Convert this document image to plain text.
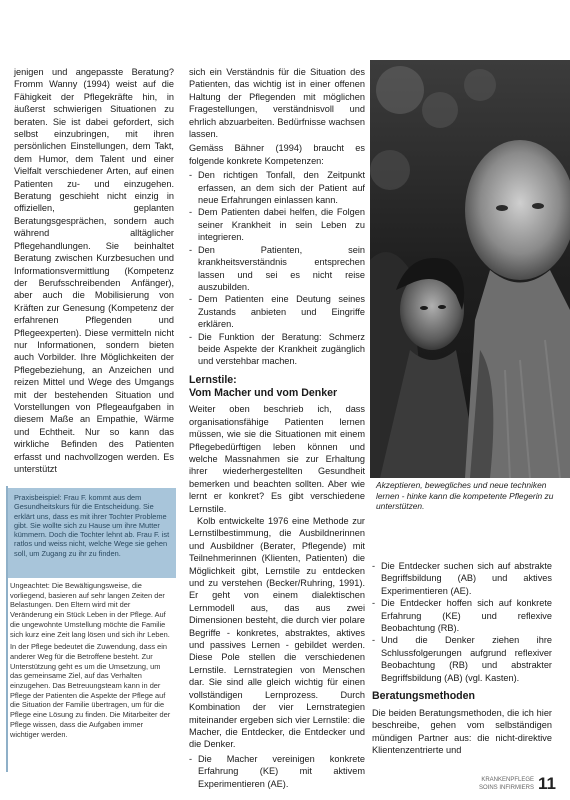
jenigen und angepasste Beratung? Fromm Wanny (1994) weist auf die Fähigkeit der Pflegekräfte hin, in äußerst schwierigen Situationen zu beraten. Sie ist dabei gefordert, sich selbst einzubringen, mit ihren persönlichen Einstellungen, dem Takt, dem Humor, dem Talent und einer Vielfalt verschiedener Arten, auf einen Patienten zu- und einzugehen. Beratung geschieht nicht einzig in offiziellen, geplanten Beratungsgesprächen, sondern auch während alltäglicher Pflegehandlungen. Sie beinhaltet Beratung zwischen Kurzbesuchen und Informationsvermittlung (Kompetenz der Berufsschreibenden Anfänger), aber auch die Mobilisierung von Kräften zur Genesung (Kompetenz der erfahrenen Pflegenden und Pflegeexperten). Diese vermitteln nicht nur Informationen, sondern bieten auch Vorbilder. Ihre Möglichkeiten der Pflegebeziehung, an Anzeichen und reizen Mittel und Wege des Umgangs mit der bestehenden Situation und Vorstellungen von Pflegeaufgaben in diesem Maße an Empathie, Wärme und Echtheit. Nur so kann das wirkliche Befinden des Patienten erfasst und nachvollzogen werden. Es unterstützt

sich ein Verständnis für die Situation des Patienten, das wichtig ist in einer offenen Haltung der Pflegenden mit möglichen Fragestellungen, verständnisvoll und ehrlich abzuarbeiten. Bedürfnisse wachsen lassen.

Gemäss Bähner (1994) braucht es folgende konkrete Kompetenzen:

- Den richtigen Tonfall, den Zeitpunkt erfassen, an dem sich der Patient auf neue Erfahrungen einlassen kann.
- Dem Patienten dabei helfen, die Folgen seiner Krankheit in sein Leben zu integrieren.
- Den Patienten, sein krankheitsverständnis entsprechen lassen und sei es nicht reise auszubilden.
- Dem Patienten eine Deutung seines Zustands anbieten und Eingriffe erklären.
- Die Funktion der Beratung: Schmerz beide Aspekte der Krankheit zugänglich und verstehbar machen.
Lernstile:
Vom Macher und vom Denker

Weiter oben beschrieb ich, dass organisationsfähige Patienten lernen müssen, wie sie die Situationen mit einem Pflegebedürftigen leben können und welche Massnahmen sie zur Erhaltung ihrer wiederhergestellten Gesundheit bemerken und beachten sollten. Aber wie lernt er konkret? Es gibt verschiedene Lernstile.

Kolb entwickelte 1976 eine Methode zur Lernstilbestimmung, die Ausbildnerinnen und Ausbildner (Berater, Pflegende) mit Teilnehmerinnen (Klienten, Patienten) die Möglichkeit gibt, Lernstile zu entdecken und zu verstehen (Becker/Ruhring, 1991). Er geht von einem dialektischen Lernmodell aus, das aus zwei Dimensionen besteht, die durch vier polare Begriffe - konkretes, abstraktes, aktives und passives Lernen - gebildet werden. Diese Pole stellen die verschiedenen Lernstile. Lernstrategien von Menschen dar. Sie sind alle gleich wichtig für einen vollständigen Lernprozess. Durch Kombination der vier Lernstrategien miteinander ergeben sich vier Lernstile: die Macher, die Entdecker, die Entdecker und die Denker.

- Die Macher vereinigen konkrete Erfahrung (KE) mit aktivem Experimentieren (AE).
Akzeptieren, bewegliches und neue techniken lernen - hinke kann die kompetente Pflegerin zu unterstützen.
Praxisbeispiel: Frau F. kommt aus dem Gesundheitskurs für die Entscheidung. Sie erklärt uns, dass es mit ihrer Tochter Probleme gibt. Sie wollte sich zu Hause um ihre Mutter kümmern. Doch die Tochter lehnt ab. Frau F. ist ratlos und weiss nicht, welche Wege sie gehen soll, um Zugang zu ihr zu finden.

Ungeachtet: Die Bewältigungsweise, die vorliegend, basieren auf sehr langen Zeiten der Belastungen. Den Eltern wird mit der Veränderung ein Stück Leben in der Pflege. Auf die ungewohnte Umstellung möchte die Familie sich kurz eine Zeit lang lösen und sich ihr Leben.

In der Pflege bedeutet die Zuwendung, dass ein anderer Weg für die Betroffene besteht. Zur Unterstützung geht es um die Umsetzung, um das gemeinsame Ziel, auf das Verhalten einzugehen. Das Betreuungsteam kann in der Pflege der Patienten die Aspekte der Pflege auf die Situation der Familie übertragen, um für die Pflege eine Lösung zu finden. Die Mitarbeiter der Pflege wissen, dass die Aufgaben immer wichtiger werden.

- Die Entdecker suchen sich auf abstrakte Begriffsbildung (AB) und aktives Experimentieren (AE).
- Die Entdecker hoffen sich auf konkrete Erfahrung (KE) und reflexive Beobachtung (RB).
- Und die Denker ziehen ihre Schlussfolgerungen aufgrund reflexiver Beobachtung (RB) und abstrakter Begriffsbildung (AB) (vgl. Kasten).
Beratungsmethoden

Die beiden Beratungsmethoden, die ich hier beschreibe, gehen vom selbständigen mündigen Partner aus: die nicht-direktive Klientenzentrierte und

KRANKENPFLEGE
SOINS INFIRMIERS 11
